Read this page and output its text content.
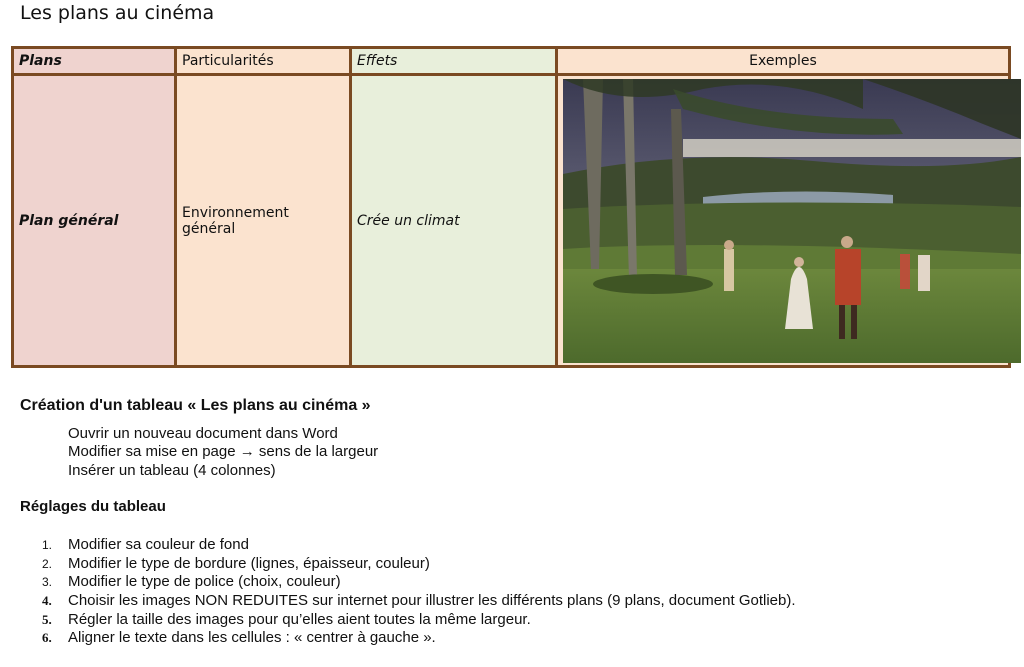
Les plans au cinéma
Plans	Particularités	Effets	Exemples
Plan général	Environnement général	Crée un climat	
Création d'un tableau « Les plans au cinéma »
Ouvrir un nouveau document dans Word
Modifier sa mise en page → sens de la largeur
Insérer un tableau (4 colonnes)
Réglages du tableau
1. Modifier sa couleur de fond
2. Modifier le type de bordure (lignes, épaisseur, couleur)
3. Modifier le type de police (choix, couleur)
4. Choisir les images NON REDUITES sur internet pour illustrer les différents plans (9 plans, document Gotlieb).
5. Régler la taille des images pour qu’elles aient toutes la même largeur.
6. Aligner le texte dans les cellules : « centrer à gauche ».
